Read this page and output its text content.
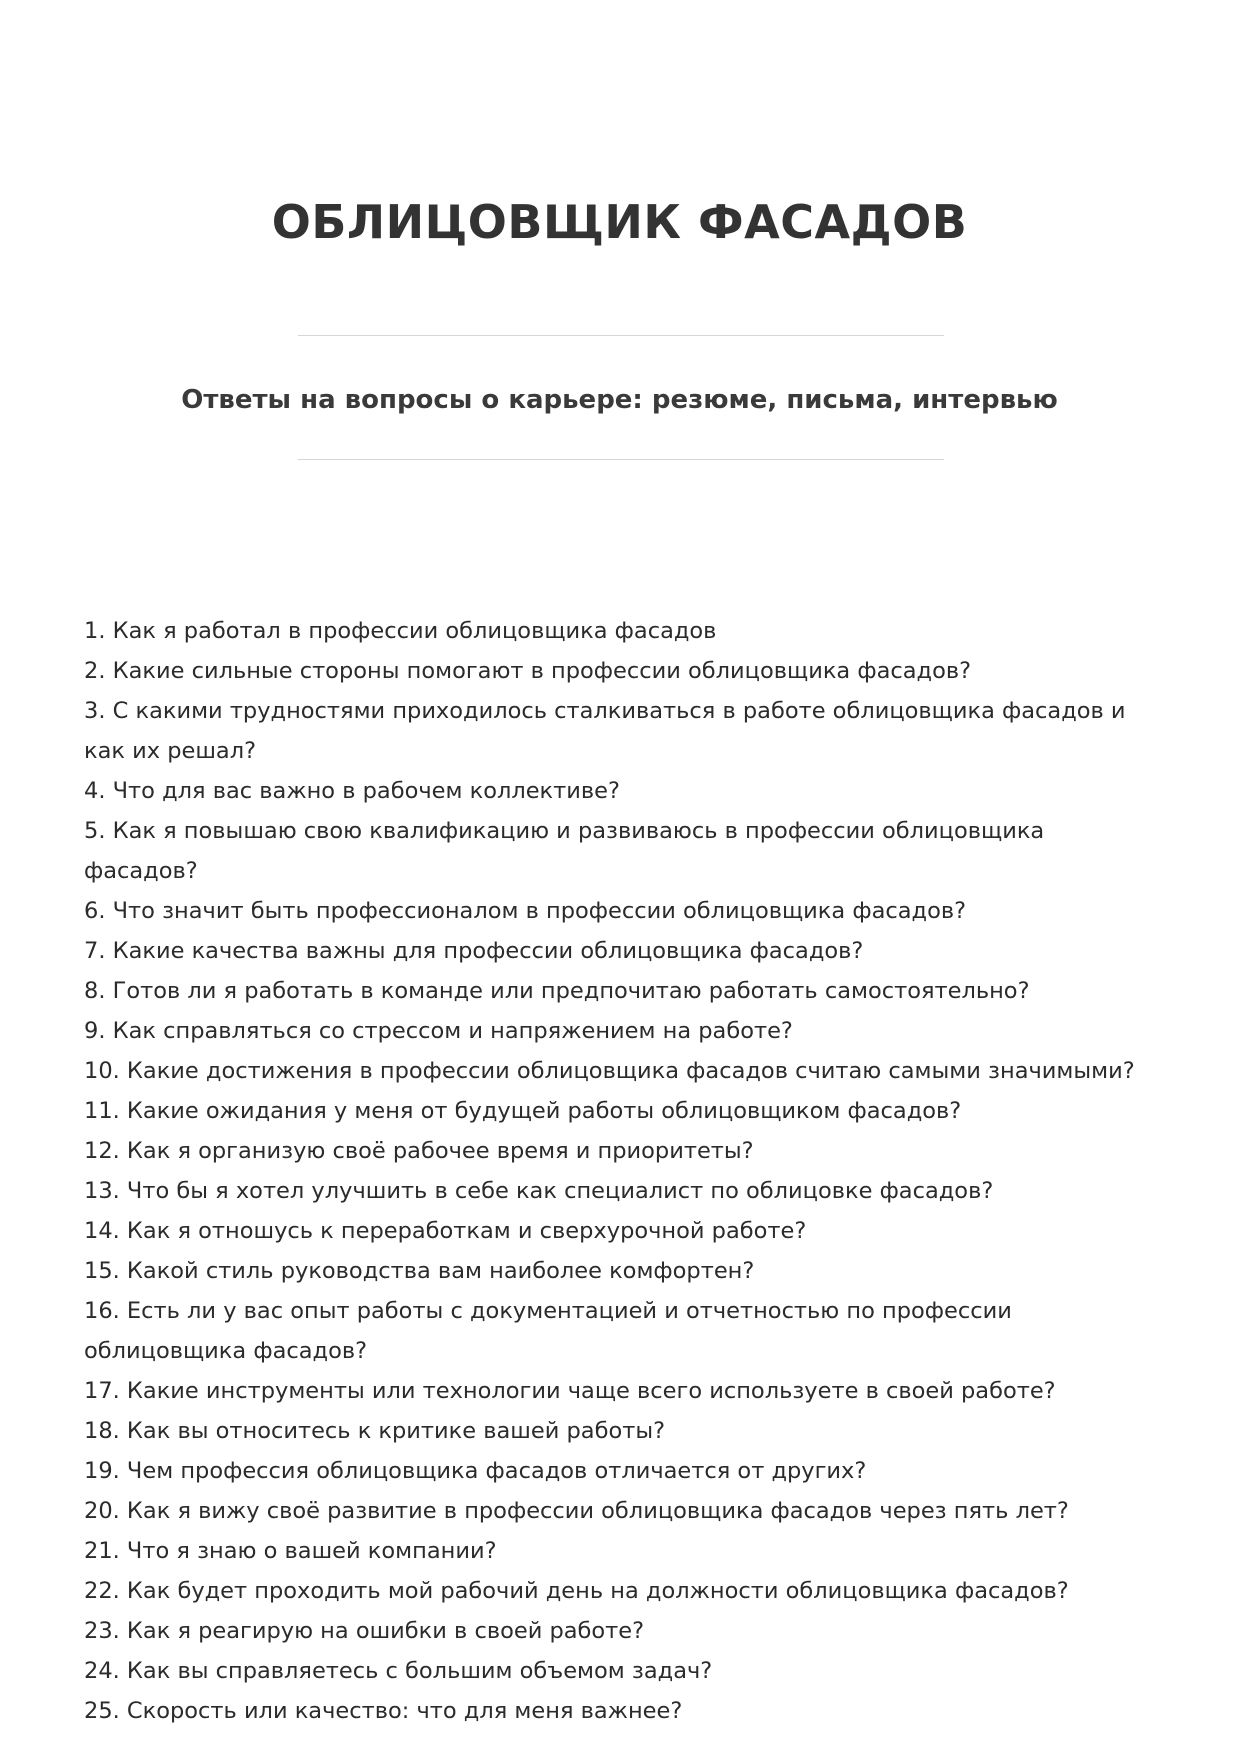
ОБЛИЦОВЩИК ФАСАДОВ
Ответы на вопросы о карьере: резюме, письма, интервью
1. Как я работал в профессии облицовщика фасадов
2. Какие сильные стороны помогают в профессии облицовщика фасадов?
3. С какими трудностями приходилось сталкиваться в работе облицовщика фасадов и как их решал?
4. Что для вас важно в рабочем коллективе?
5. Как я повышаю свою квалификацию и развиваюсь в профессии облицовщика фасадов?
6. Что значит быть профессионалом в профессии облицовщика фасадов?
7. Какие качества важны для профессии облицовщика фасадов?
8. Готов ли я работать в команде или предпочитаю работать самостоятельно?
9. Как справляться со стрессом и напряжением на работе?
10. Какие достижения в профессии облицовщика фасадов считаю самыми значимыми?
11. Какие ожидания у меня от будущей работы облицовщиком фасадов?
12. Как я организую своё рабочее время и приоритеты?
13. Что бы я хотел улучшить в себе как специалист по облицовке фасадов?
14. Как я отношусь к переработкам и сверхурочной работе?
15. Какой стиль руководства вам наиболее комфортен?
16. Есть ли у вас опыт работы с документацией и отчетностью по профессии облицовщика фасадов?
17. Какие инструменты или технологии чаще всего используете в своей работе?
18. Как вы относитесь к критике вашей работы?
19. Чем профессия облицовщика фасадов отличается от других?
20. Как я вижу своё развитие в профессии облицовщика фасадов через пять лет?
21. Что я знаю о вашей компании?
22. Как будет проходить мой рабочий день на должности облицовщика фасадов?
23. Как я реагирую на ошибки в своей работе?
24. Как вы справляетесь с большим объемом задач?
25. Скорость или качество: что для меня важнее?
